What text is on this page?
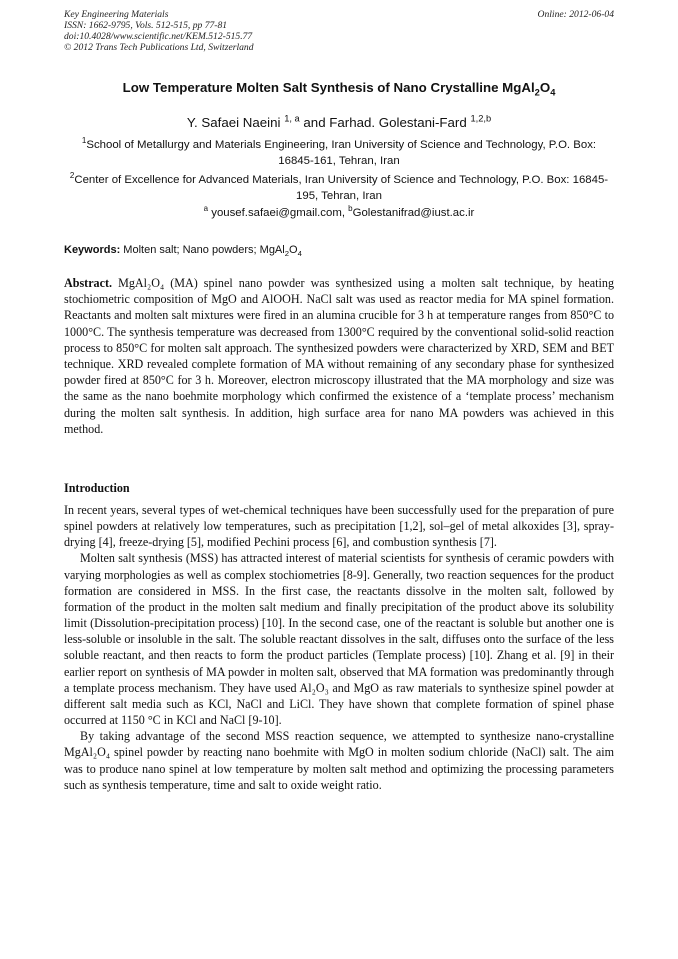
Key Engineering Materials
ISSN: 1662-9795, Vols. 512-515, pp 77-81
doi:10.4028/www.scientific.net/KEM.512-515.77
© 2012 Trans Tech Publications Ltd, Switzerland
Online: 2012-06-04
Low Temperature Molten Salt Synthesis of Nano Crystalline $MgAl_2O_4$
Y. Safaei Naeini $^{1, a}$ and Farhad. Golestani-Fard $^{1,2,b}$
$^1$School of Metallurgy and Materials Engineering, Iran University of Science and Technology, P.O. Box: 16845-161, Tehran, Iran
$^2$Center of Excellence for Advanced Materials, Iran University of Science and Technology, P.O. Box: 16845-195, Tehran, Iran
$^a$ yousef.safaei@gmail.com, $^b$Golestanifrad@iust.ac.ir
Keywords: Molten salt; Nano powders; $MgAl_2O_4$
Abstract. MgAl₂O₄ (MA) spinel nano powder was synthesized using a molten salt technique, by heating stochiometric composition of MgO and AlOOH. NaCl salt was used as reactor media for MA spinel formation. Reactants and molten salt mixtures were fired in an alumina crucible for 3 h at temperature ranges from 850°C to 1000°C. The synthesis temperature was decreased from 1300°C required by the conventional solid-solid reaction process to 850°C for molten salt approach. The synthesized powders were characterized by XRD, SEM and BET technique. XRD revealed complete formation of MA without remaining of any secondary phase for synthesized powder fired at 850°C for 3 h. Moreover, electron microscopy illustrated that the MA morphology and size was the same as the nano boehmite morphology which confirmed the existence of a ‘template process’ mechanism during the molten salt synthesis. In addition, high surface area for nano MA powders was achieved in this method.
Introduction

In recent years, several types of wet-chemical techniques have been successfully used for the preparation of pure spinel powders at relatively low temperatures, such as precipitation [1,2], sol–gel of metal alkoxides [3], spray-drying [4], freeze-drying [5], modified Pechini process [6], and combustion synthesis [7].

Molten salt synthesis (MSS) has attracted interest of material scientists for synthesis of ceramic powders with varying morphologies as well as complex stochiometries [8-9]. Generally, two reaction sequences for the product formation are considered in MSS. In the first case, the reactants dissolve in the molten salt, followed by formation of the product in the molten salt medium and finally precipitation of the product above its solubility limit (Dissolution-precipitation process) [10]. In the second case, one of the reactant is soluble but another one is less-soluble or insoluble in the salt. The soluble reactant dissolves in the salt, diffuses onto the surface of the less soluble reactant, and then reacts to form the product particles (Template process) [10]. Zhang et al. [9] in their earlier report on synthesis of MA powder in molten salt, observed that MA formation was predominantly through a template process mechanism. They have used Al₂O₃ and MgO as raw materials to synthesize spinel powder at different salt media such as KCl, NaCl and LiCl. They have shown that complete formation of spinel phase occurred at 1150 °C in KCl and NaCl [9-10].

By taking advantage of the second MSS reaction sequence, we attempted to synthesize nano-crystalline MgAl₂O₄ spinel powder by reacting nano boehmite with MgO in molten sodium chloride (NaCl) salt. The aim was to produce nano spinel at low temperature by molten salt method and optimizing the processing parameters such as synthesis temperature, time and salt to oxide weight ratio.
